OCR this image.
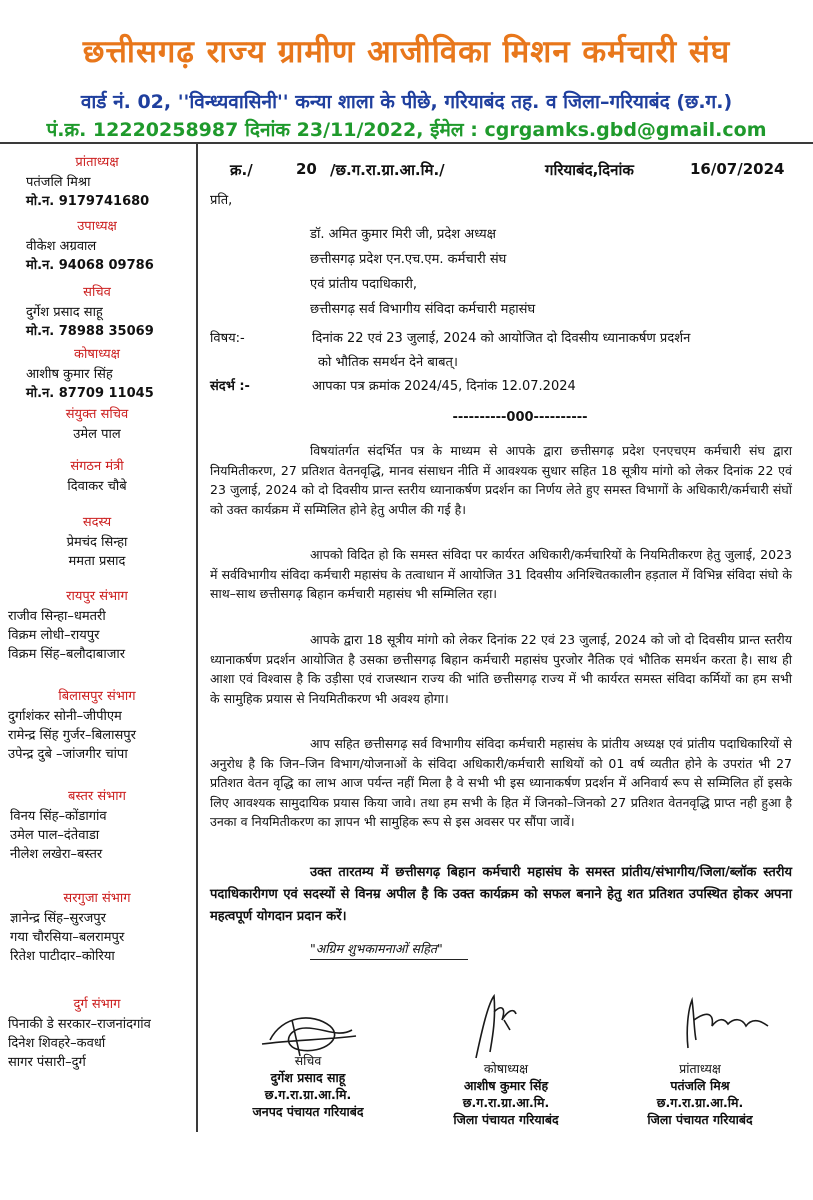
छत्तीसगढ़ राज्य ग्रामीण आजीविका मिशन कर्मचारी संघ
वार्ड नं. 02, ''विन्ध्यवासिनी'' कन्या शाला के पीछे, गरियाबंद तह. व जिला–गरियाबंद (छ.ग.)
पं.क्र. 12220258987 दिनांक 23/11/2022, ईमेल : cgrgamks.gbd@gmail.com
प्रांताध्यक्ष
पतंजलि मिश्रा
मो.न. 9179741680
उपाध्यक्ष
वीकेश अग्रवाल
मो.न. 94068 09786
सचिव
दुर्गेश प्रसाद साहू
मो.न. 78988 35069
कोषाध्यक्ष
आशीष कुमार सिंह
मो.न. 87709 11045
संयुक्त सचिव
उमेल पाल
संगठन मंत्री
दिवाकर चौबे
सदस्य
प्रेमचंद सिन्हा
ममता प्रसाद
रायपुर संभाग
राजीव सिन्हा–धमतरी
विक्रम लोधी–रायपुर
विक्रम सिंह–बलौदाबाजार
बिलासपुर संभाग
दुर्गाशंकर सोनी–जीपीएम
रामेन्द्र सिंह गुर्जर–बिलासपुर
उपेन्द्र दुबे –जांजगीर चांपा
बस्तर संभाग
विनय सिंह–कोंडागांव
उमेल पाल–दंतेवाडा
नीलेश लखेरा–बस्तर
सरगुजा संभाग
ज्ञानेन्द्र सिंह–सुरजपुर
गया चौरसिया–बलरामपुर
रितेश पाटीदार–कोरिया
दुर्ग संभाग
पिनाकी डे सरकार–राजनांदगांव
दिनेश शिवहरे–कवर्धा
सागर पंसारी–दुर्ग
क्र./	20 /छ.ग.रा.ग्रा.आ.मि./	गरियाबंद,दिनांक	16/07/2024
प्रति,
डॉ. अमित कुमार मिरी जी, प्रदेश अध्यक्ष
छत्तीसगढ़ प्रदेश एन.एच.एम. कर्मचारी संघ
एवं प्रांतीय पदाधिकारी,
छत्तीसगढ़ सर्व विभागीय संविदा कर्मचारी महासंघ
विषय:-	दिनांक 22 एवं 23 जुलाई, 2024 को आयोजित दो दिवसीय ध्यानाकर्षण प्रदर्शन
को भौतिक समर्थन देने बाबत्।
संदर्भ :-	आपका पत्र क्रमांक 2024/45, दिनांक 12.07.2024
----------000----------
विषयांतर्गत संदर्भित पत्र के माध्यम से आपके द्वारा छत्तीसगढ़ प्रदेश एनएचएम कर्मचारी संघ द्वारा नियमितीकरण, 27 प्रतिशत वेतनवृद्धि, मानव संसाधन नीति में आवश्यक सुधार सहित 18 सूत्रीय मांगो को लेकर दिनांक 22 एवं 23 जुलाई, 2024 को दो दिवसीय प्रान्त स्तरीय ध्यानाकर्षण प्रदर्शन का निर्णय लेते हुए समस्त विभागों के अधिकारी/कर्मचारी संघों को उक्त कार्यक्रम में सम्मिलित होने हेतु अपील की गई है।
आपको विदित हो कि समस्त संविदा पर कार्यरत अधिकारी/कर्मचारियों के नियमितीकरण हेतु जुलाई, 2023 में सर्वविभागीय संविदा कर्मचारी महासंघ के तत्वाधान में आयोजित 31 दिवसीय अनिश्चितकालीन हड़ताल में विभिन्न संविदा संघो के साथ–साथ छत्तीसगढ़ बिहान कर्मचारी महासंघ भी सम्मिलित रहा।
आपके द्वारा 18 सूत्रीय मांगो को लेकर दिनांक 22 एवं 23 जुलाई, 2024 को जो दो दिवसीय प्रान्त स्तरीय ध्यानाकर्षण प्रदर्शन आयोजित है उसका छत्तीसगढ़ बिहान कर्मचारी महासंघ पुरजोर नैतिक एवं भौतिक समर्थन करता है। साथ ही आशा एवं विश्वास है कि उड़ीसा एवं राजस्थान राज्य की भांति छत्तीसगढ़ राज्य में भी कार्यरत समस्त संविदा कर्मियों का हम सभी के सामुहिक प्रयास से नियमितीकरण भी अवश्य होगा।
आप सहित छत्तीसगढ़ सर्व विभागीय संविदा कर्मचारी महासंघ के प्रांतीय अध्यक्ष एवं प्रांतीय पदाधिकारियों से अनुरोध है कि जिन–जिन विभाग/योजनाओं के संविदा अधिकारी/कर्मचारी साथियों को 01 वर्ष व्यतीत होने के उपरांत भी 27 प्रतिशत वेतन वृद्धि का लाभ आज पर्यन्त नहीं मिला है वे सभी भी इस ध्यानाकर्षण प्रदर्शन में अनिवार्य रूप से सम्मिलित हों इसके लिए आवश्यक सामुदायिक प्रयास किया जावे। तथा हम सभी के हित में जिनको–जिनको 27 प्रतिशत वेतनवृद्धि प्राप्त नही हुआ है उनका व नियमितीकरण का ज्ञापन भी सामुहिक रूप से इस अवसर पर सौंपा जावें।
उक्त तारतम्य में छत्तीसगढ़ बिहान कर्मचारी महासंघ के समस्त प्रांतीय/संभागीय/जिला/ब्लॉक स्तरीय पदाधिकारीगण एवं सदस्यों से विनम्र अपील है कि उक्त कार्यक्रम को सफल बनाने हेतु शत प्रतिशत उपस्थित होकर अपना महत्वपूर्ण योगदान प्रदान करें।
"अग्रिम शुभकामनाओं सहित"
सचिव
दुर्गेश प्रसाद साहू
छ.ग.रा.ग्रा.आ.मि.
जनपद पंचायत गरियाबंद
कोषाध्यक्ष
आशीष कुमार सिंह
छ.ग.रा.ग्रा.आ.मि.
जिला पंचायत गरियाबंद
प्रांताध्यक्ष
पतंजलि मिश्र
छ.ग.रा.ग्रा.आ.मि.
जिला पंचायत गरियाबंद
